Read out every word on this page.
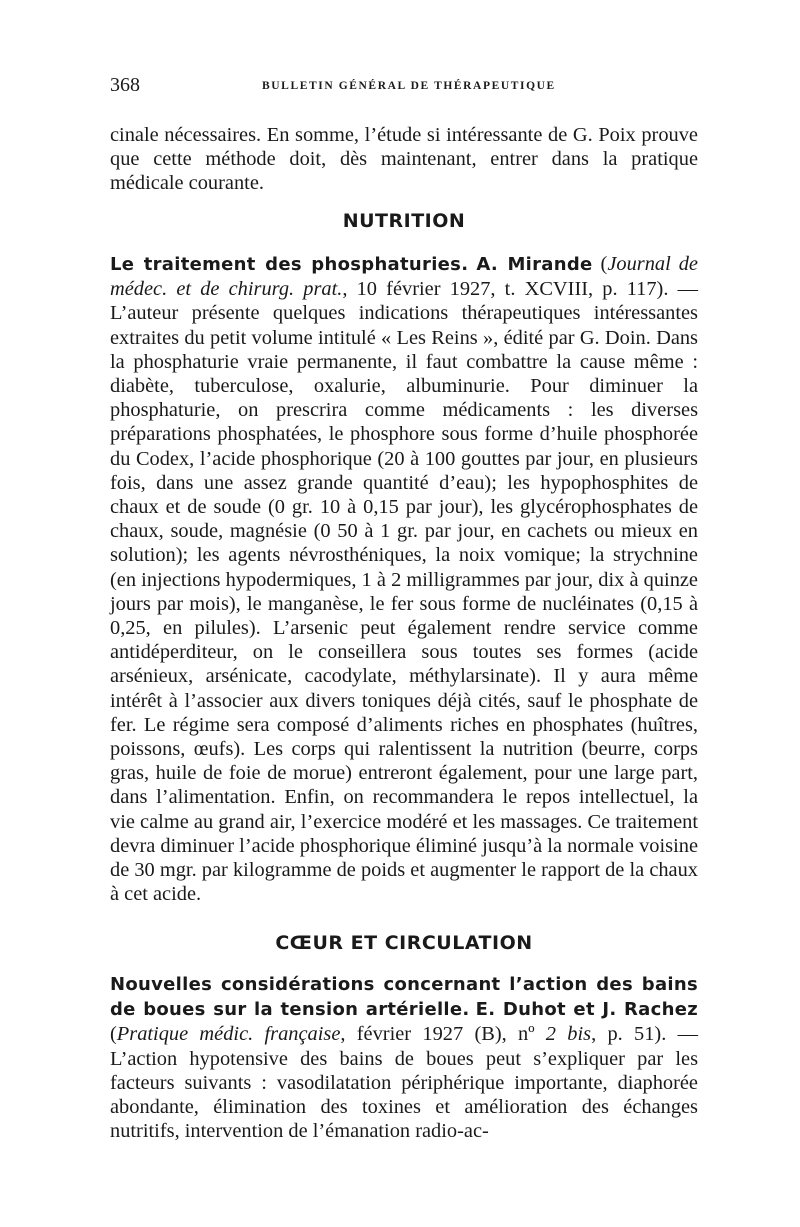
368	BULLETIN GÉNÉRAL DE THÉRAPEUTIQUE

cinale nécessaires. En somme, l’étude si intéressante de G. Poix prouve que cette méthode doit, dès maintenant, entrer dans la pratique médicale courante.

NUTRITION

Le traitement des phosphaturies. A. Mirande (Journal de médec. et de chirurg. prat., 10 février 1927, t. XCVIII, p. 117). — L’auteur présente quelques indications thérapeutiques intéressantes extraites du petit volume intitulé « Les Reins », édité par G. Doin. Dans la phosphaturie vraie permanente, il faut combattre la cause même : diabète, tuberculose, oxalurie, albuminurie. Pour diminuer la phosphaturie, on prescrira comme médicaments : les diverses préparations phosphatées, le phosphore sous forme d’huile phosphorée du Codex, l’acide phosphorique (20 à 100 gouttes par jour, en plusieurs fois, dans une assez grande quantité d’eau); les hypophosphites de chaux et de soude (0 gr. 10 à 0,15 par jour), les glycérophosphates de chaux, soude, magnésie (0 50 à 1 gr. par jour, en cachets ou mieux en solution); les agents névrosthéniques, la noix vomique; la strychnine (en injections hypodermiques, 1 à 2 milligrammes par jour, dix à quinze jours par mois), le manganèse, le fer sous forme de nucléinates (0,15 à 0,25, en pilules). L’arsenic peut également rendre service comme antidéperditeur, on le conseillera sous toutes ses formes (acide arsénieux, arsénicate, cacodylate, méthylarsinate). Il y aura même intérêt à l’associer aux divers toniques déjà cités, sauf le phosphate de fer. Le régime sera composé d’aliments riches en phosphates (huîtres, poissons, œufs). Les corps qui ralentissent la nutrition (beurre, corps gras, huile de foie de morue) entreront également, pour une large part, dans l’alimentation. Enfin, on recommandera le repos intellectuel, la vie calme au grand air, l’exercice modéré et les massages. Ce traitement devra diminuer l’acide phosphorique éliminé jusqu’à la normale voisine de 30 mgr. par kilogramme de poids et augmenter le rapport de la chaux à cet acide.

CŒUR ET CIRCULATION

Nouvelles considérations concernant l’action des bains de boues sur la tension artérielle. E. Duhot et J. Rachez (Pratique médic. française, février 1927 (B), nº 2 bis, p. 51). — L’action hypotensive des bains de boues peut s’expliquer par les facteurs suivants : vasodilatation périphérique importante, diaphorée abondante, élimination des toxines et amélioration des échanges nutritifs, intervention de l’émanation radio-ac-
